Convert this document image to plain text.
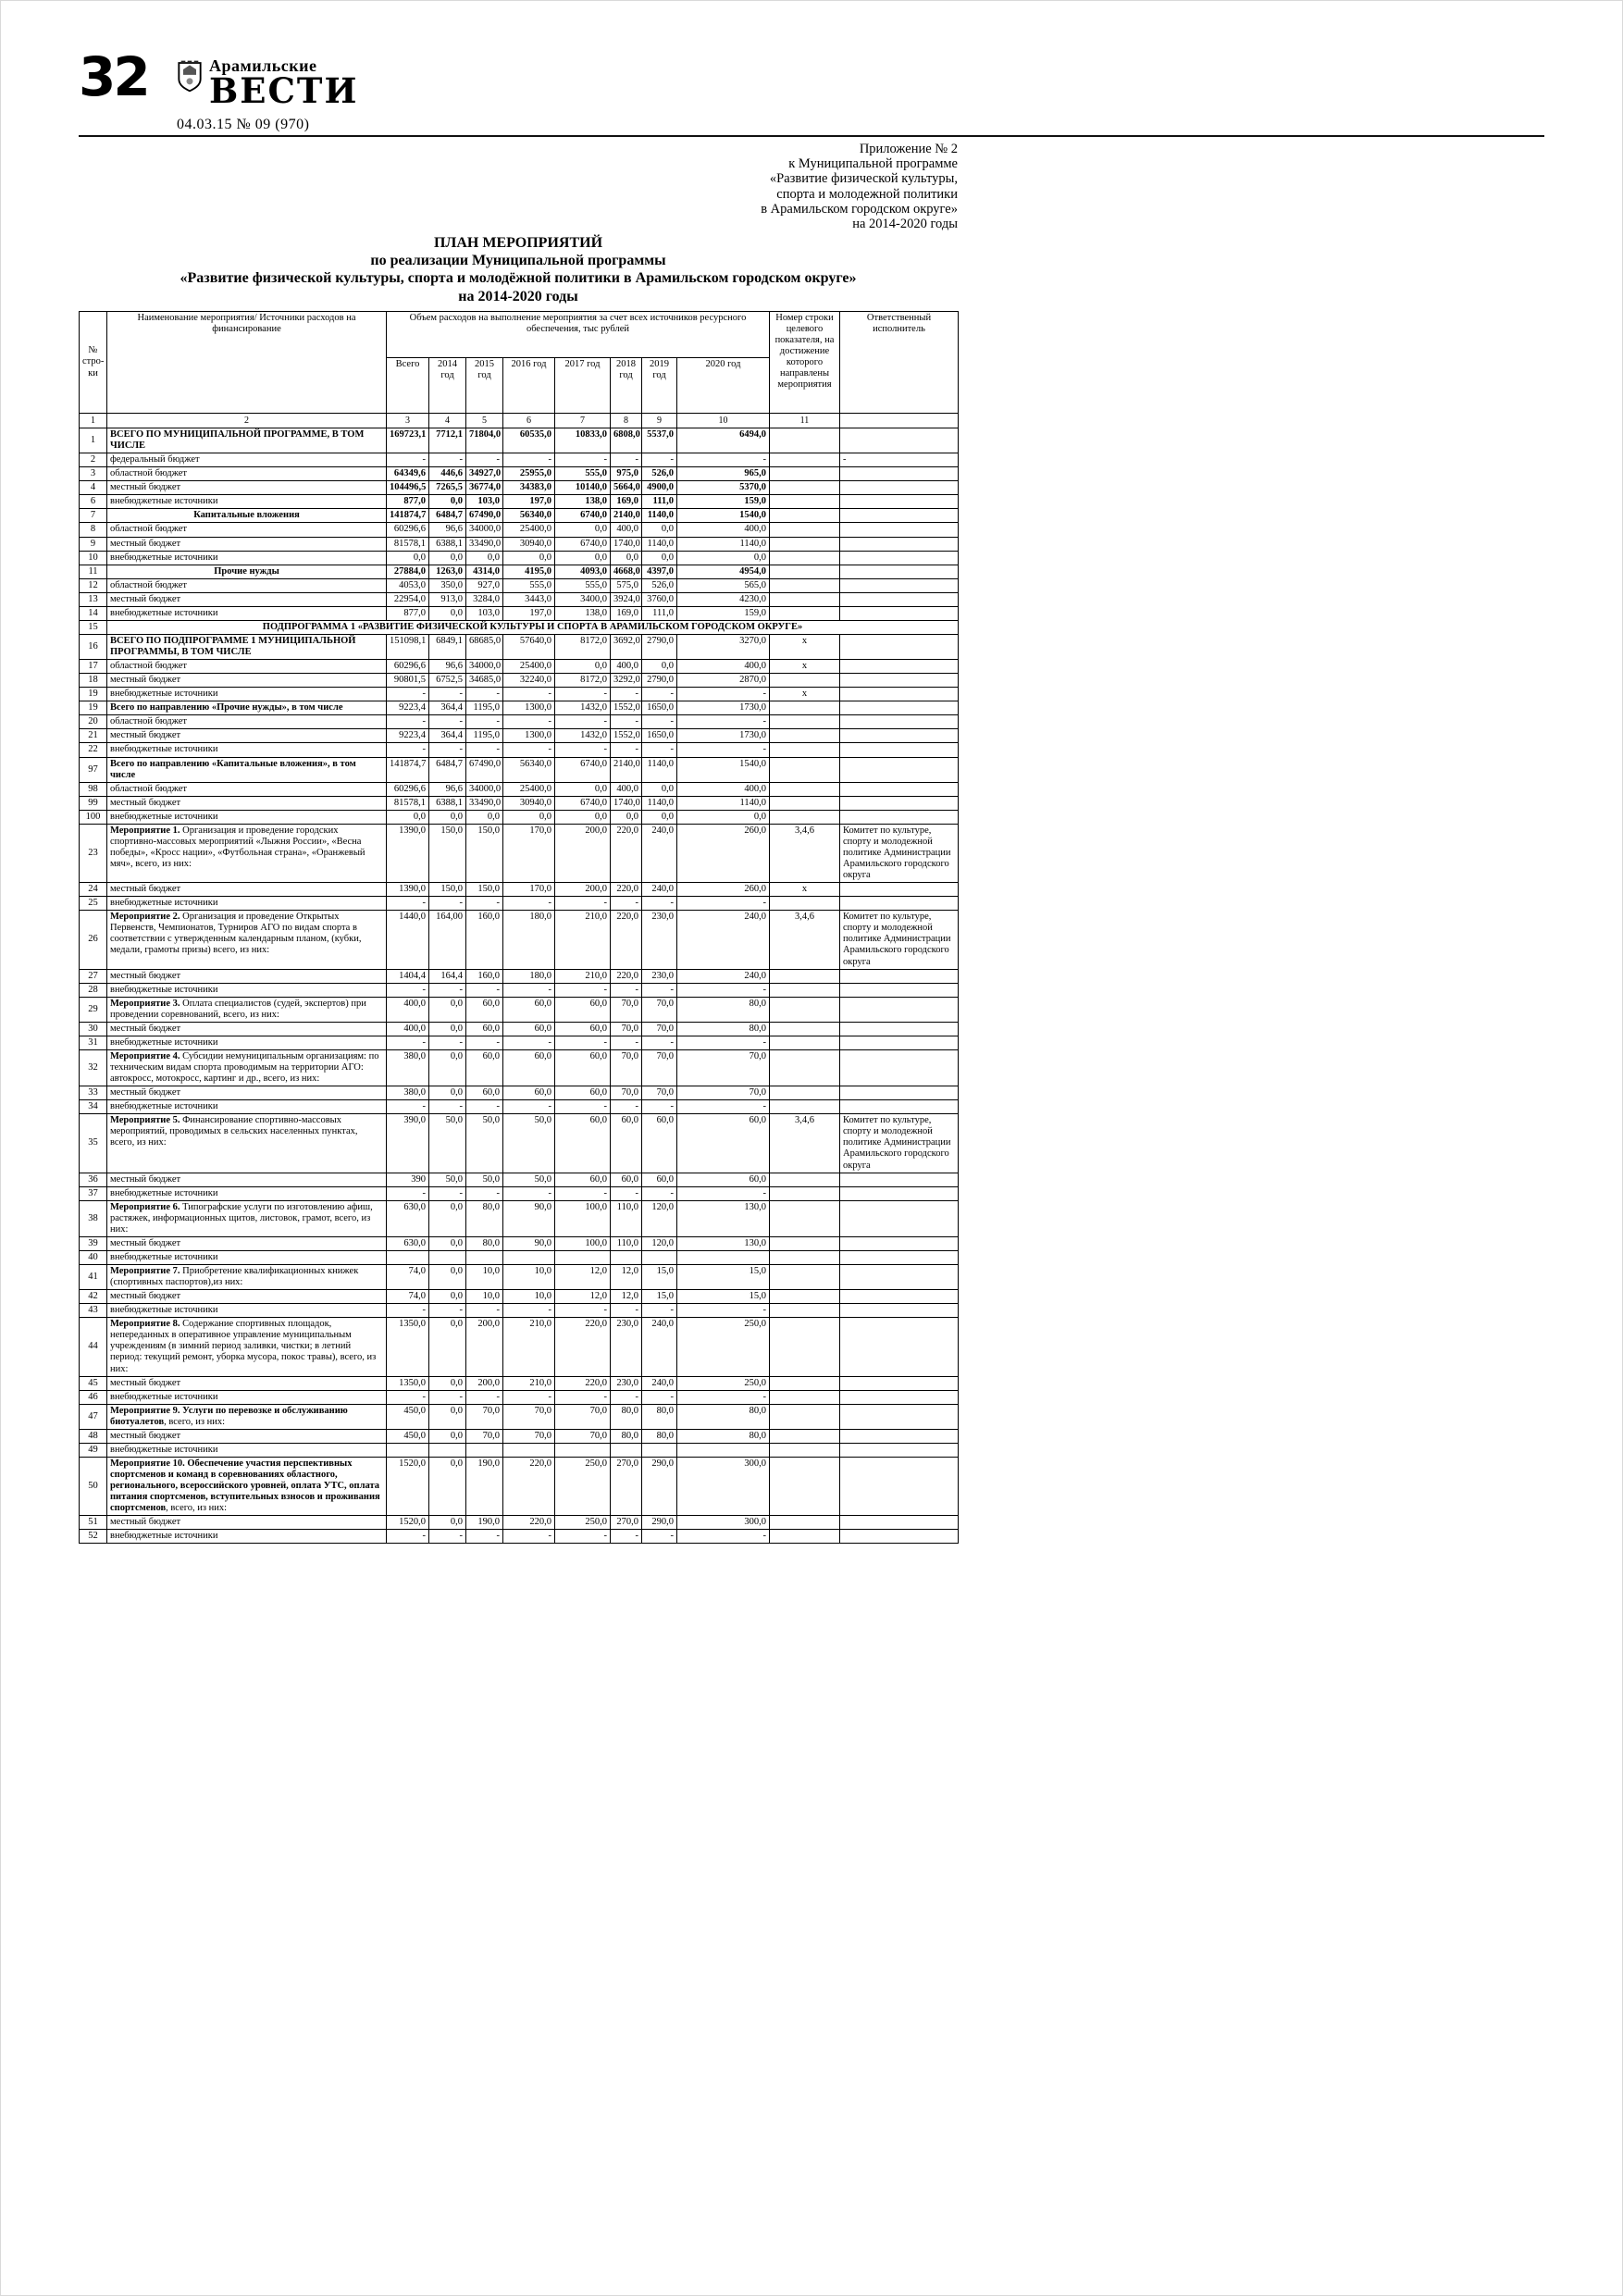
32	Арамильские
ВЕСТИ
04.03.15 № 09 (970)
Приложение № 2
к Муниципальной программе
«Развитие физической культуры,
спорта и молодежной политики
в Арамильском городском округе»
на 2014-2020 годы
ПЛАН МЕРОПРИЯТИЙ
по реализации Муниципальной программы
«Развитие физической культуры, спорта и молодёжной политики в Арамильском городском округе»
на 2014-2020 годы
№ стро-ки	Наименование мероприятия/ Источники расходов на финансирование	Объем расходов на выполнение мероприятия за счет всех источников ресурсного обеспечения, тыс рублей								Номер строки целевого показателя, на достижение которого направлены мероприятия	Ответственный исполнитель
		Всего	2014 год	2015 год	2016 год	2017 год	2018 год	2019 год	2020 год		
1	2	3	4	5	6	7	8	9	10	11	
1	ВСЕГО ПО МУНИЦИПАЛЬНОЙ ПРОГРАММЕ, В ТОМ ЧИСЛЕ	169723,1	7712,1	71804,0	60535,0	10833,0	6808,0	5537,0	6494,0		
2	федеральный бюджет	-	-	-	-	-	-	-	-		-
3	областной бюджет	64349,6	446,6	34927,0	25955,0	555,0	975,0	526,0	965,0		
4	местный бюджет	104496,5	7265,5	36774,0	34383,0	10140,0	5664,0	4900,0	5370,0		
6	внебюджетные источники	877,0	0,0	103,0	197,0	138,0	169,0	111,0	159,0		
7	Капитальные вложения	141874,7	6484,7	67490,0	56340,0	6740,0	2140,0	1140,0	1540,0		
8	областной бюджет	60296,6	96,6	34000,0	25400,0	0,0	400,0	0,0	400,0		
9	местный бюджет	81578,1	6388,1	33490,0	30940,0	6740,0	1740,0	1140,0	1140,0		
10	внебюджетные источники	0,0	0,0	0,0	0,0	0,0	0,0	0,0	0,0		
11	Прочие нужды	27884,0	1263,0	4314,0	4195,0	4093,0	4668,0	4397,0	4954,0		
12	областной бюджет	4053,0	350,0	927,0	555,0	555,0	575,0	526,0	565,0		
13	местный бюджет	22954,0	913,0	3284,0	3443,0	3400,0	3924,0	3760,0	4230,0		
14	внебюджетные источники	877,0	0,0	103,0	197,0	138,0	169,0	111,0	159,0		
15	ПОДПРОГРАММА 1 «РАЗВИТИЕ ФИЗИЧЕСКОЙ КУЛЬТУРЫ И СПОРТА В АРАМИЛЬСКОМ ГОРОДСКОМ ОКРУГЕ»										
16	ВСЕГО ПО ПОДПРОГРАММЕ 1 МУНИЦИПАЛЬНОЙ ПРОГРАММЫ, В ТОМ ЧИСЛЕ	151098,1	6849,1	68685,0	57640,0	8172,0	3692,0	2790,0	3270,0	x	
17	областной бюджет	60296,6	96,6	34000,0	25400,0	0,0	400,0	0,0	400,0	x	
18	местный бюджет	90801,5	6752,5	34685,0	32240,0	8172,0	3292,0	2790,0	2870,0		
19	внебюджетные источники	-	-	-	-	-	-	-	-	x	
19	Всего по направлению «Прочие нужды», в том числе	9223,4	364,4	1195,0	1300,0	1432,0	1552,0	1650,0	1730,0		
20	областной бюджет	-	-	-	-	-	-	-	-		
21	местный бюджет	9223,4	364,4	1195,0	1300,0	1432,0	1552,0	1650,0	1730,0		
22	внебюджетные источники	-	-	-	-	-	-	-	-		
97	Всего по направлению «Капитальные вложения», в том числе	141874,7	6484,7	67490,0	56340,0	6740,0	2140,0	1140,0	1540,0		
98	областной бюджет	60296,6	96,6	34000,0	25400,0	0,0	400,0	0,0	400,0		
99	местный бюджет	81578,1	6388,1	33490,0	30940,0	6740,0	1740,0	1140,0	1140,0		
100	внебюджетные источники	0,0	0,0	0,0	0,0	0,0	0,0	0,0	0,0		
23	Мероприятие 1. Организация и проведение городских спортивно-массовых мероприятий «Лыжня России», «Весна победы», «Кросс нации», «Футбольная страна», «Оранжевый мяч», всего, из них:	1390,0	150,0	150,0	170,0	200,0	220,0	240,0	260,0	3,4,6	Комитет по культуре, спорту и молодежной политике Администрации Арамильского городского округа
24	местный бюджет	1390,0	150,0	150,0	170,0	200,0	220,0	240,0	260,0	x	
25	внебюджетные источники	-	-	-	-	-	-	-	-		
26	Мероприятие 2. Организация и проведение Открытых Первенств, Чемпионатов, Турниров АГО по видам спорта в соответствии с утвержденным календарным планом, (кубки, медали, грамоты призы) всего, из них:	1440,0	164,00	160,0	180,0	210,0	220,0	230,0	240,0	3,4,6	Комитет по культуре, спорту и молодежной политике Администрации Арамильского городского округа
27	местный бюджет	1404,4	164,4	160,0	180,0	210,0	220,0	230,0	240,0		
28	внебюджетные источники	-	-	-	-	-	-	-	-		
29	Мероприятие 3. Оплата специалистов (судей, экспертов) при проведении соревнований, всего, из них:	400,0	0,0	60,0	60,0	60,0	70,0	70,0	80,0		
30	местный бюджет	400,0	0,0	60,0	60,0	60,0	70,0	70,0	80,0		
31	внебюджетные источники	-	-	-	-	-	-	-	-		
32	Мероприятие 4. Субсидии немуниципальным организациям: по техническим видам спорта проводимым на территории АГО: автокросс, мотокросс, картинг и др., всего, из них:	380,0	0,0	60,0	60,0	60,0	70,0	70,0	70,0		
33	местный бюджет	380,0	0,0	60,0	60,0	60,0	70,0	70,0	70,0		
34	внебюджетные источники	-	-	-	-	-	-	-	-		
35	Мероприятие 5. Финансирование спортивно-массовых мероприятий, проводимых в сельских населенных пунктах, всего, из них:	390,0	50,0	50,0	50,0	60,0	60,0	60,0	60,0	3,4,6	Комитет по культуре, спорту и молодежной политике Администрации Арамильского городского округа
36	местный бюджет	390	50,0	50,0	50,0	60,0	60,0	60,0	60,0		
37	внебюджетные источники	-	-	-	-	-	-	-	-		
38	Мероприятие 6. Типографские услуги по изготовлению афиш, растяжек, информационных щитов, листовок, грамот, всего, из них:	630,0	0,0	80,0	90,0	100,0	110,0	120,0	130,0		
39	местный бюджет	630,0	0,0	80,0	90,0	100,0	110,0	120,0	130,0		
40	внебюджетные источники										
41	Мероприятие 7. Приобретение квалификационных книжек (спортивных паспортов),из них:	74,0	0,0	10,0	10,0	12,0	12,0	15,0	15,0		
42	местный бюджет	74,0	0,0	10,0	10,0	12,0	12,0	15,0	15,0		
43	внебюджетные источники	-	-	-	-	-	-	-	-		
44	Мероприятие 8. Содержание спортивных площадок, непереданных в оперативное управление муниципальным учреждениям (в зимний период заливки, чистки; в летний период: текущий ремонт, уборка мусора, покос травы), всего, из них:	1350,0	0,0	200,0	210,0	220,0	230,0	240,0	250,0		
45	местный бюджет	1350,0	0,0	200,0	210,0	220,0	230,0	240,0	250,0		
46	внебюджетные источники	-	-	-	-	-	-	-	-		
47	Мероприятие 9. Услуги по перевозке и обслуживанию биотуалетов, всего, из них:	450,0	0,0	70,0	70,0	70,0	80,0	80,0	80,0		
48	местный бюджет	450,0	0,0	70,0	70,0	70,0	80,0	80,0	80,0		
49	внебюджетные источники										
50	Мероприятие 10. Обеспечение участия перспективных спортсменов и команд в соревнованиях областного, регионального, всероссийского уровней, оплата УТС, оплата питания спортсменов, вступительных взносов и проживания спортсменов, всего, из них:	1520,0	0,0	190,0	220,0	250,0	270,0	290,0	300,0		
51	местный бюджет	1520,0	0,0	190,0	220,0	250,0	270,0	290,0	300,0		
52	внебюджетные источники	-	-	-	-	-	-	-	-		
